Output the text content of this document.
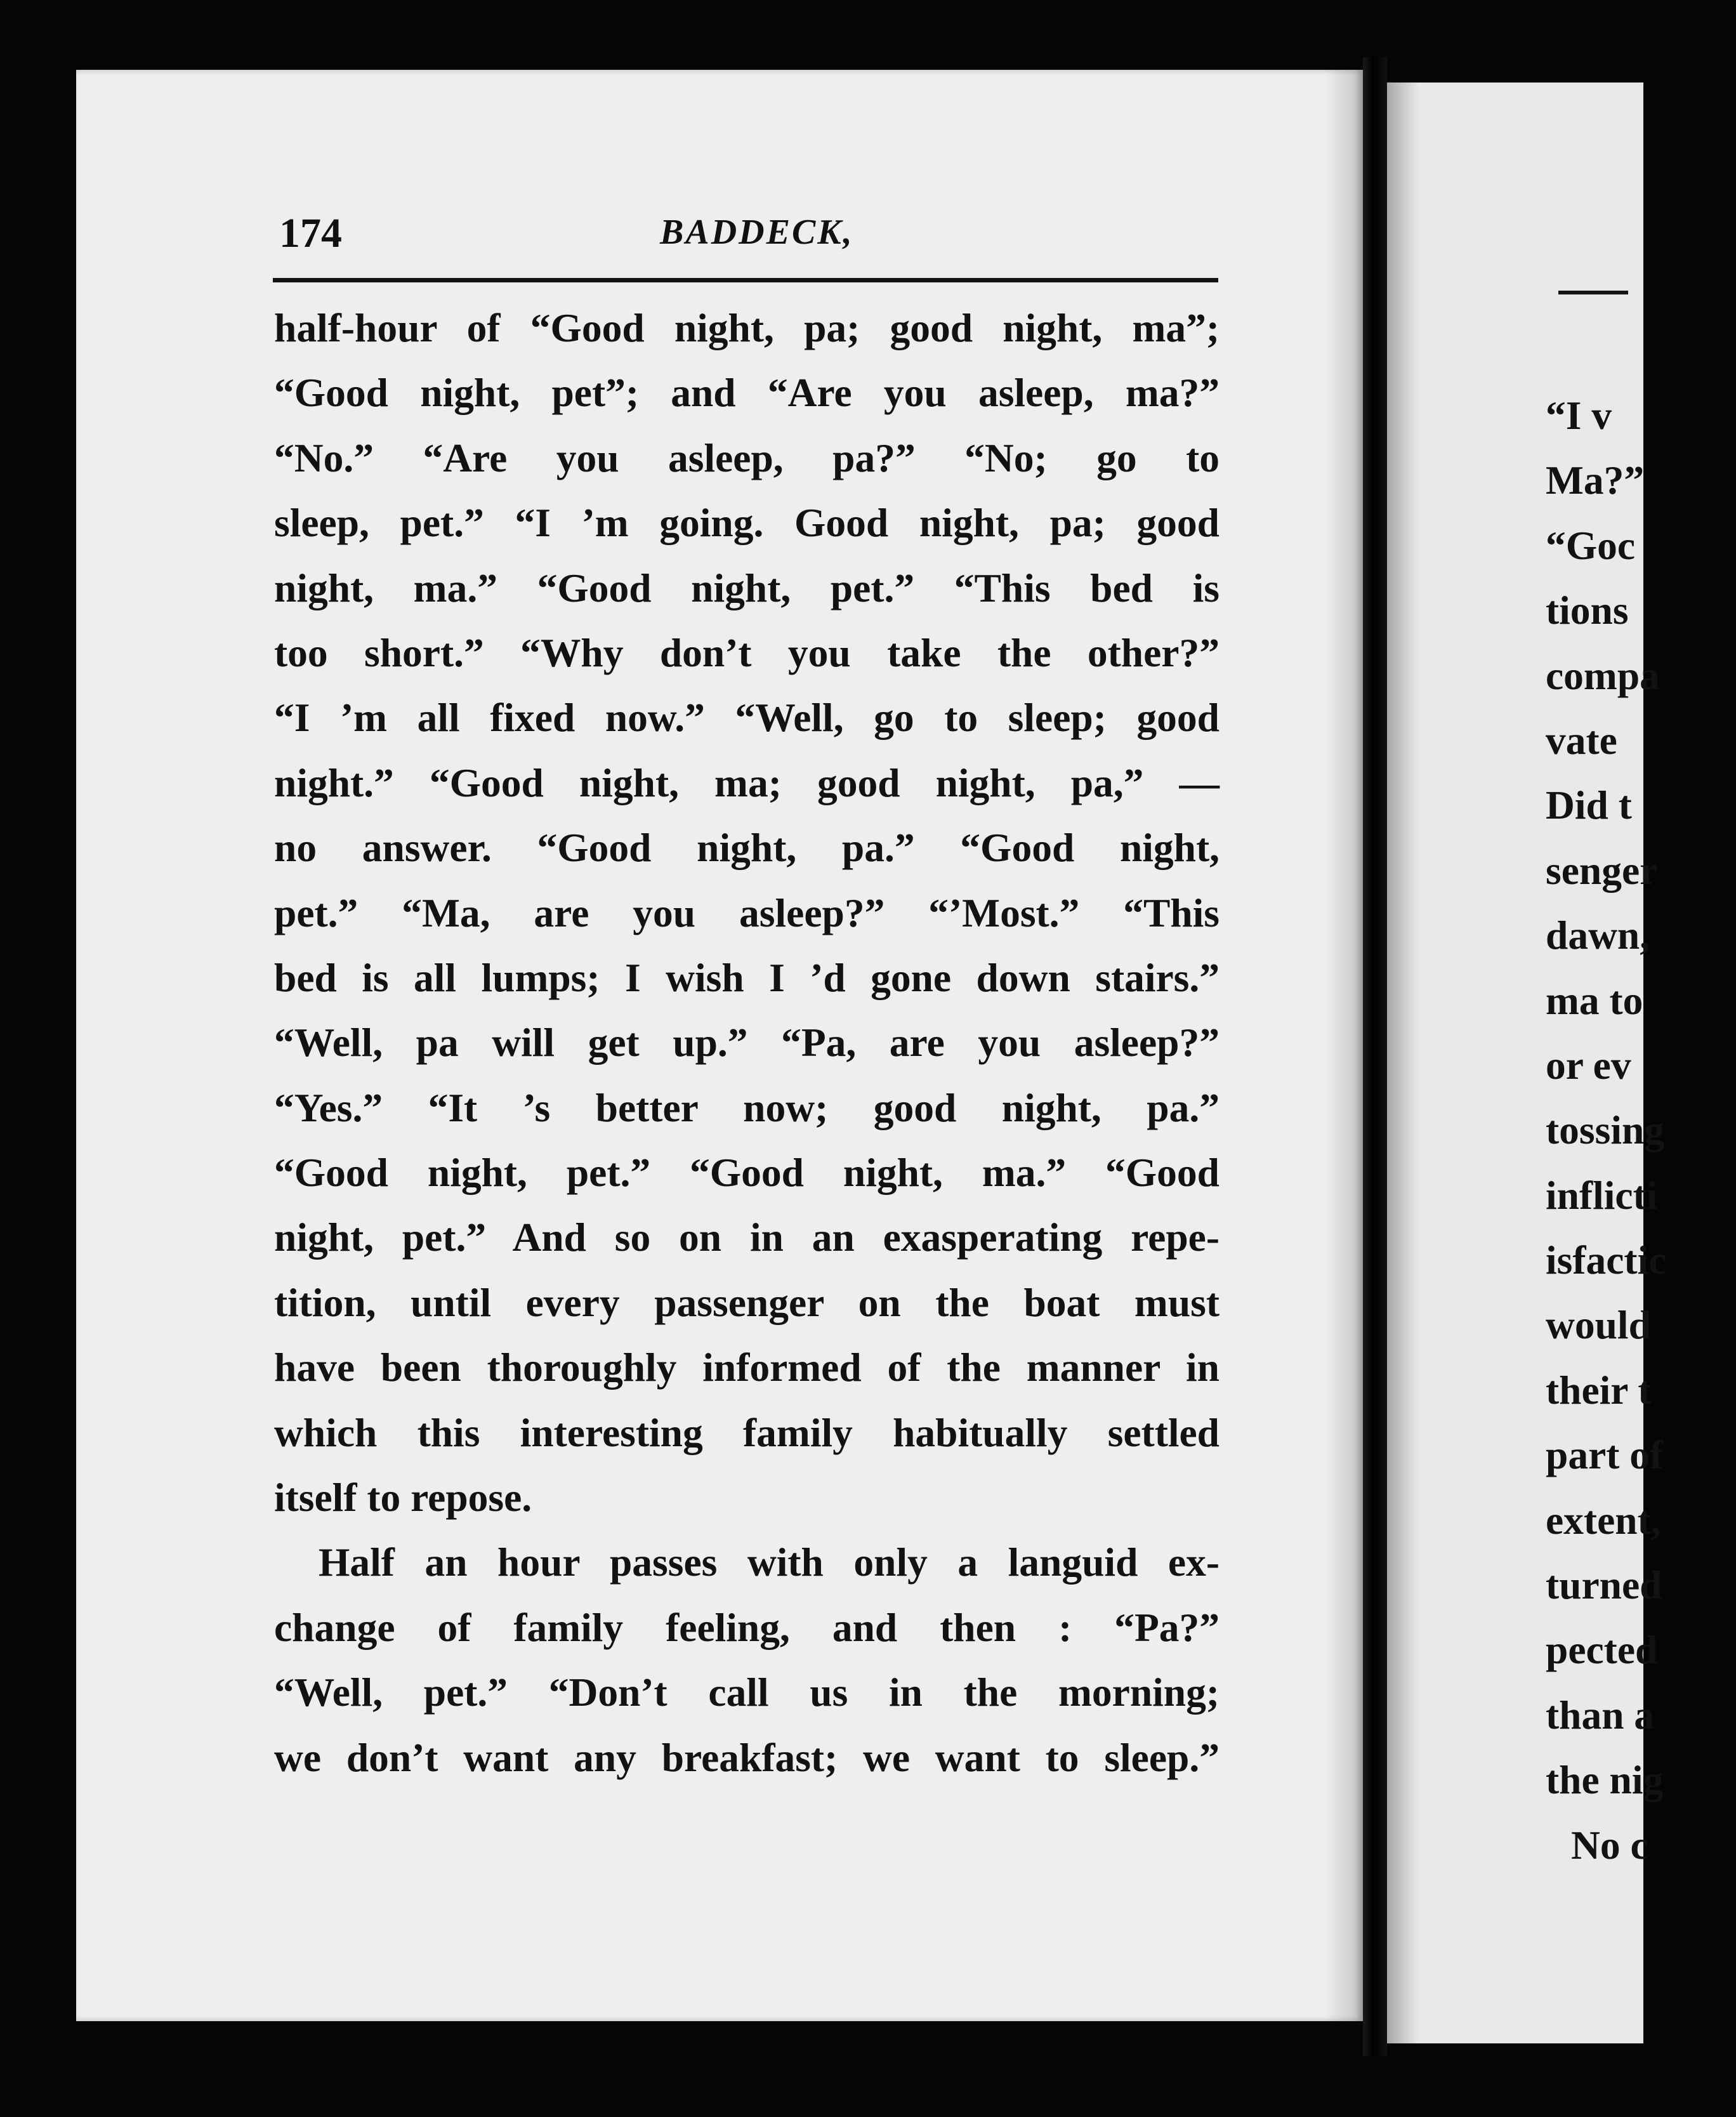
“I v
Ma?”
“Goc
tions
compa
vate
Did t
senger
dawn,
ma to
or ev
tossing
inflicti
isfactic
would
their t
part of
extent,
turned
pected
than a
the nig
No c
174	BADDECK,
half-hour of “Good night, pa; good night, ma”;
“Good night, pet”; and “Are you asleep, ma?”
“No.” “Are you asleep, pa?” “No; go to
sleep, pet.” “I ’m going. Good night, pa; good
night, ma.” “Good night, pet.” “This bed is
too short.” “Why don’t you take the other?”
“I ’m all fixed now.” “Well, go to sleep; good
night.” “Good night, ma; good night, pa,” —
no answer. “Good night, pa.” “Good night,
pet.” “Ma, are you asleep?” “’Most.” “This
bed is all lumps; I wish I ’d gone down stairs.”
“Well, pa will get up.” “Pa, are you asleep?”
“Yes.” “It ’s better now; good night, pa.”
“Good night, pet.” “Good night, ma.” “Good
night, pet.” And so on in an exasperating repe-
tition, until every passenger on the boat must
have been thoroughly informed of the manner in
which this interesting family habitually settled
itself to repose.
Half an hour passes with only a languid ex-
change of family feeling, and then : “Pa?”
“Well, pet.” “Don’t call us in the morning;
we don’t want any breakfast; we want to sleep.”
